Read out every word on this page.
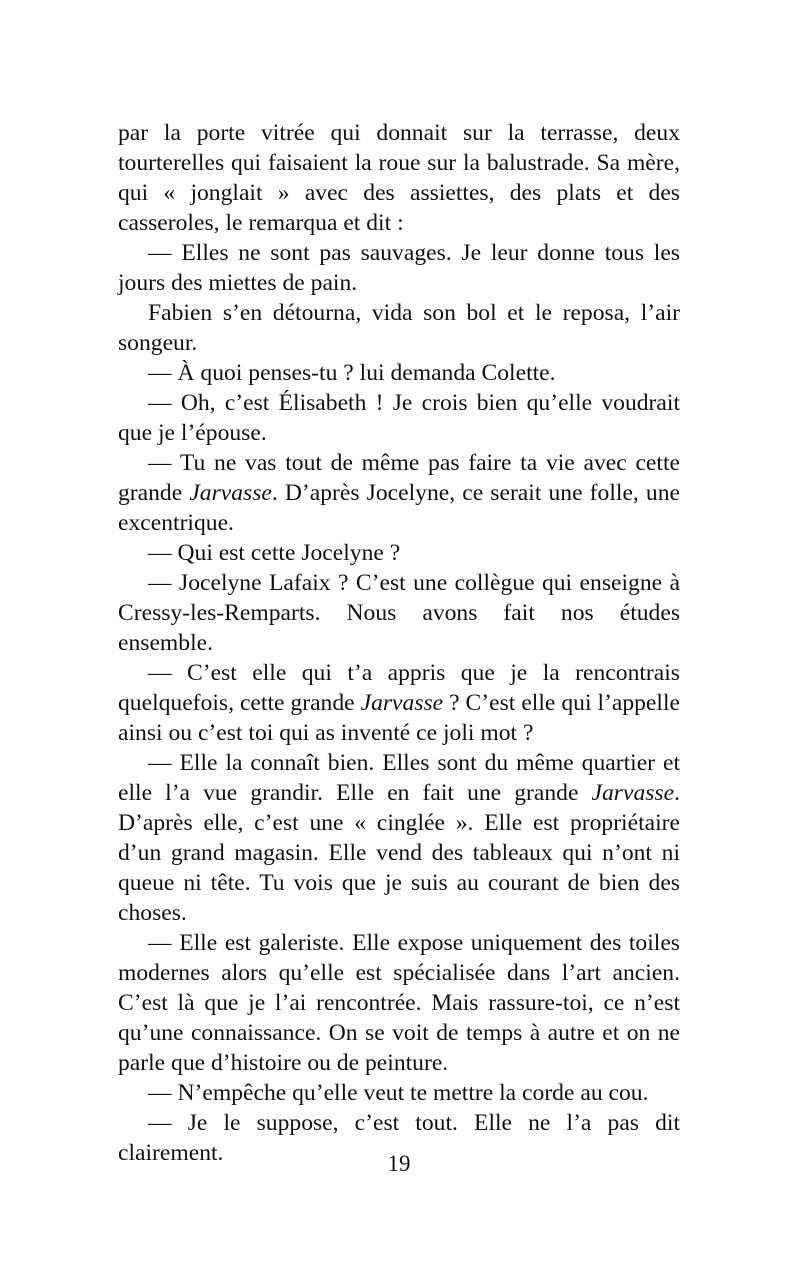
par la porte vitrée qui donnait sur la terrasse, deux tourterelles qui faisaient la roue sur la balustrade. Sa mère, qui « jonglait » avec des assiettes, des plats et des casseroles, le remarqua et dit :

— Elles ne sont pas sauvages. Je leur donne tous les jours des miettes de pain.

Fabien s’en détourna, vida son bol et le reposa, l’air songeur.

— À quoi penses-tu ? lui demanda Colette.

— Oh, c’est Élisabeth ! Je crois bien qu’elle voudrait que je l’épouse.

— Tu ne vas tout de même pas faire ta vie avec cette grande Jarvasse. D’après Jocelyne, ce serait une folle, une excentrique.

— Qui est cette Jocelyne ?

— Jocelyne Lafaix ? C’est une collègue qui enseigne à Cressy-les-Remparts. Nous avons fait nos études ensemble.

— C’est elle qui t’a appris que je la rencontrais quelquefois, cette grande Jarvasse ? C’est elle qui l’appelle ainsi ou c’est toi qui as inventé ce joli mot ?

— Elle la connaît bien. Elles sont du même quartier et elle l’a vue grandir. Elle en fait une grande Jarvasse. D’après elle, c’est une « cinglée ». Elle est propriétaire d’un grand magasin. Elle vend des tableaux qui n’ont ni queue ni tête. Tu vois que je suis au courant de bien des choses.

— Elle est galeriste. Elle expose uniquement des toiles modernes alors qu’elle est spécialisée dans l’art ancien. C’est là que je l’ai rencontrée. Mais rassure-toi, ce n’est qu’une connaissance. On se voit de temps à autre et on ne parle que d’histoire ou de peinture.

— N’empêche qu’elle veut te mettre la corde au cou.

— Je le suppose, c’est tout. Elle ne l’a pas dit clairement.	19
